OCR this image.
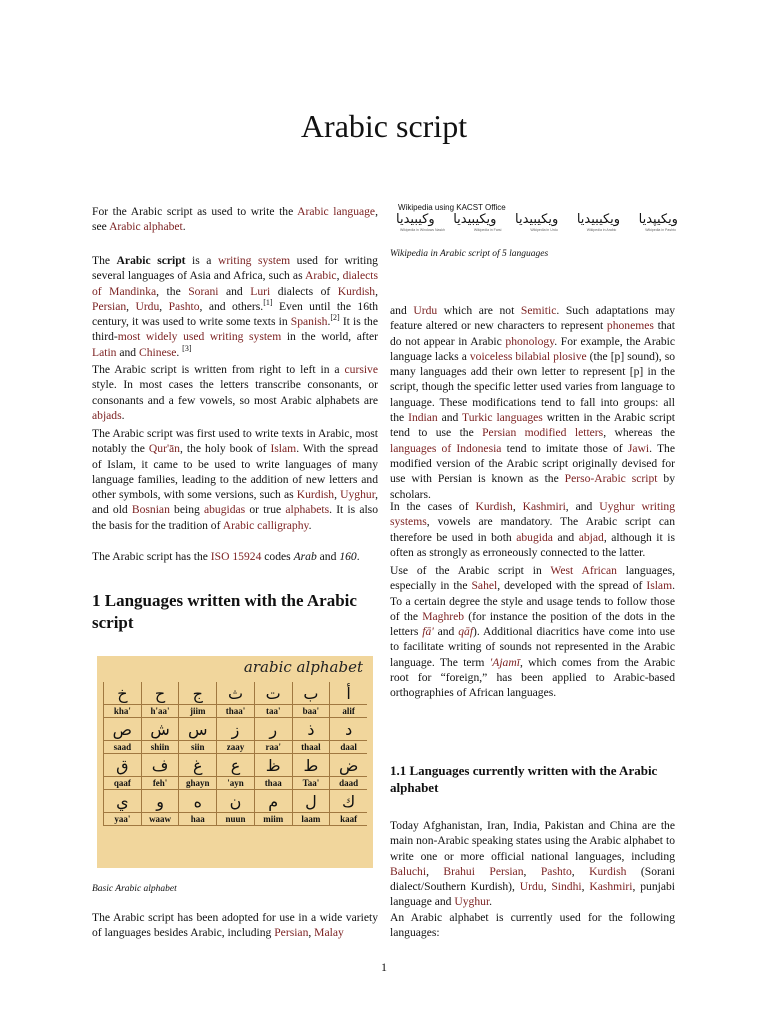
Arabic script

For the Arabic script as used to write the Arabic language, see Arabic alphabet.

The Arabic script is a writing system used for writing several languages of Asia and Africa, such as Arabic, dialects of Mandinka, the Sorani and Luri dialects of Kurdish, Persian, Urdu, Pashto, and others.[1] Even until the 16th century, it was used to write some texts in Spanish.[2] It is the third-most widely used writing system in the world, after Latin and Chinese. [3]

The Arabic script is written from right to left in a cursive style. In most cases the letters transcribe consonants, or consonants and a few vowels, so most Arabic alphabets are abjads.

The Arabic script was first used to write texts in Arabic, most notably the Qur'ān, the holy book of Islam. With the spread of Islam, it came to be used to write languages of many language families, leading to the addition of new letters and other symbols, with some versions, such as Kurdish, Uyghur, and old Bosnian being abugidas or true alphabets. It is also the basis for the tradition of Arabic calligraphy.

The Arabic script has the ISO 15924 codes Arab and 160.

The Arabic script has been adopted for use in a wide variety of languages besides Arabic, including Persian, Malay

1 Languages written with the Arabic script
arabic alphabet
خ	ح	ج	ث	ت	ب	أ
kha'	h'aa'	jiim	thaa'	taa'	baa'	alif
ص	ش	س	ز	ر	ذ	د
saad	shiin	siin	zaay	raa'	thaal	daal
ق	ف	غ	ع	ظ	ط	ض
qaaf	feh'	ghayn	'ayn	thaa	Taa'	daad
ي	و	ه	ن	م	ل	ك
yaa'	waaw	haa	nuun	miim	laam	kaaf
Basic Arabic alphabet
Wikipedia using KACST Office
وكيبيديا ويكيبيديا ويكيبيديا ويكيبيديا ويكيپديا
Wikipedia in Windows Naskh	Wikipedia in Farsi	Wikipedia in Urdu	Wikipedia in Arabic	Wikipedia in Pashto
Wikipedia in Arabic script of 5 languages

and Urdu which are not Semitic. Such adaptations may feature altered or new characters to represent phonemes that do not appear in Arabic phonology. For example, the Arabic language lacks a voiceless bilabial plosive (the [p] sound), so many languages add their own letter to represent [p] in the script, though the specific letter used varies from language to language. These modifications tend to fall into groups: all the Indian and Turkic languages written in the Arabic script tend to use the Persian modified letters, whereas the languages of Indonesia tend to imitate those of Jawi. The modified version of the Arabic script originally devised for use with Persian is known as the Perso-Arabic script by scholars.

In the cases of Kurdish, Kashmiri, and Uyghur writing systems, vowels are mandatory. The Arabic script can therefore be used in both abugida and abjad, although it is often as strongly as erroneously connected to the latter.

Use of the Arabic script in West African languages, especially in the Sahel, developed with the spread of Islam. To a certain degree the style and usage tends to follow those of the Maghreb (for instance the position of the dots in the letters fā' and qāf). Additional diacritics have come into use to facilitate writing of sounds not represented in the Arabic language. The term 'Ajamī, which comes from the Arabic root for “foreign,” has been applied to Arabic-based orthographies of African languages.

Today Afghanistan, Iran, India, Pakistan and China are the main non-Arabic speaking states using the Arabic alphabet to write one or more official national languages, including Baluchi, Brahui Persian, Pashto, Kurdish (Sorani dialect/Southern Kurdish), Urdu, Sindhi, Kashmiri, punjabi language and Uyghur.

An Arabic alphabet is currently used for the following languages:

1.1 Languages currently written with the Arabic alphabet
1
